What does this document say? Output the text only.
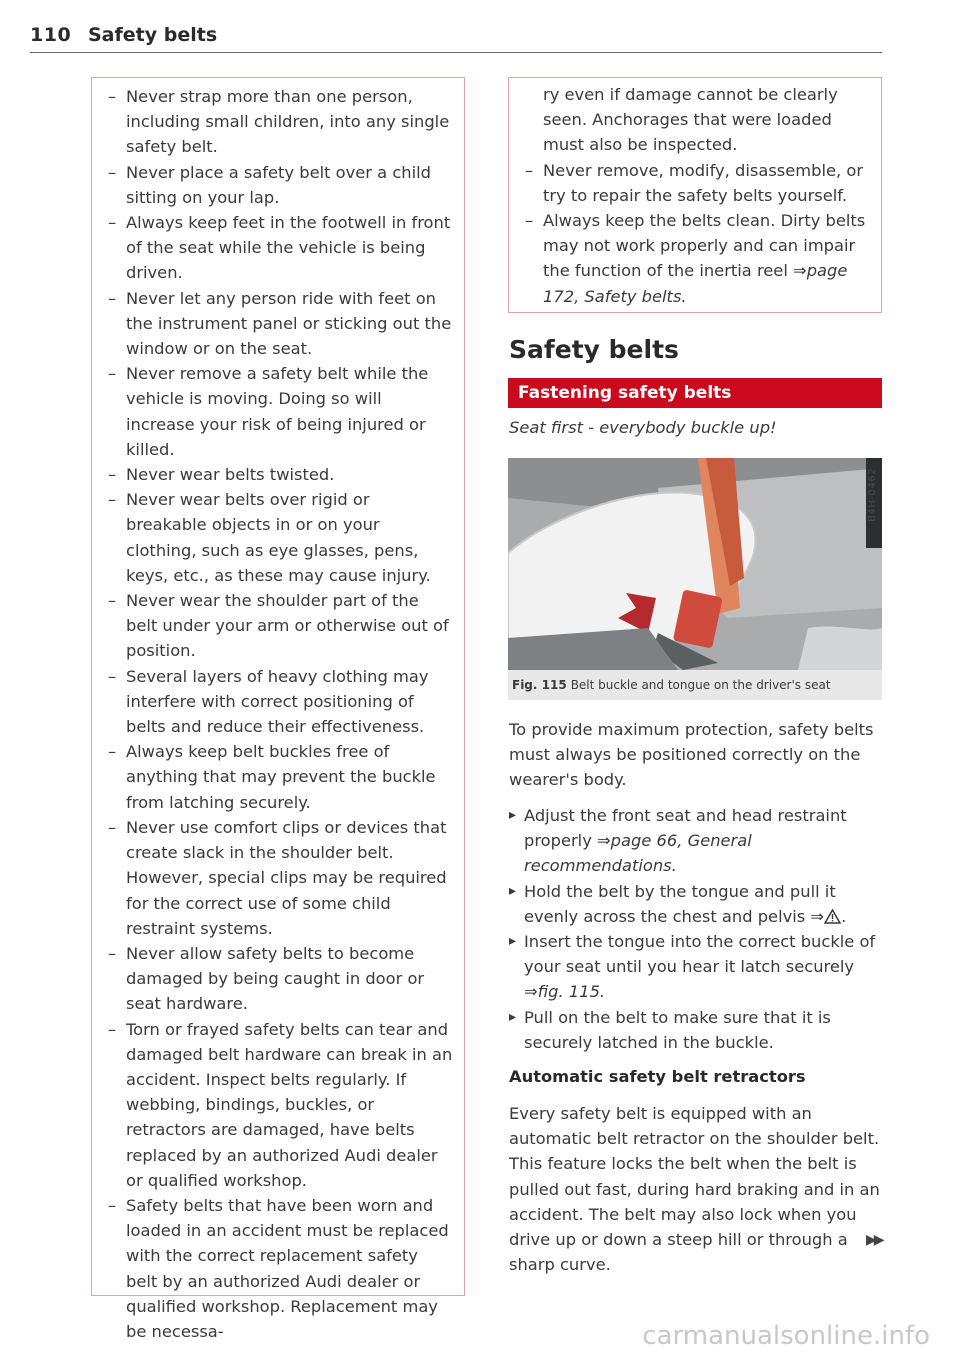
110 Safety belts
– Never strap more than one person, including small children, into any single safety belt.
– Never place a safety belt over a child sitting on your lap.
– Always keep feet in the footwell in front of the seat while the vehicle is being driven.
– Never let any person ride with feet on the instrument panel or sticking out the window or on the seat.
– Never remove a safety belt while the vehicle is moving. Doing so will increase your risk of being injured or killed.
– Never wear belts twisted.
– Never wear belts over rigid or breakable objects in or on your clothing, such as eye glasses, pens, keys, etc., as these may cause injury.
– Never wear the shoulder part of the belt under your arm or otherwise out of position.
– Several layers of heavy clothing may interfere with correct positioning of belts and reduce their effectiveness.
– Always keep belt buckles free of anything that may prevent the buckle from latching securely.
– Never use comfort clips or devices that create slack in the shoulder belt. However, special clips may be required for the correct use of some child restraint systems.
– Never allow safety belts to become damaged by being caught in door or seat hardware.
– Torn or frayed safety belts can tear and damaged belt hardware can break in an accident. Inspect belts regularly. If webbing, bindings, buckles, or retractors are damaged, have belts replaced by an authorized Audi dealer or qualified workshop.
– Safety belts that have been worn and loaded in an accident must be replaced with the correct replacement safety belt by an authorized Audi dealer or qualified workshop. Replacement may be necessa-
ry even if damage cannot be clearly seen. Anchorages that were loaded must also be inspected.
– Never remove, modify, disassemble, or try to repair the safety belts yourself.
– Always keep the belts clean. Dirty belts may not work properly and can impair the function of the inertia reel ⇒page 172, Safety belts.
Safety belts
Fastening safety belts
Seat first - everybody buckle up!
B4H-0462
Fig. 115 Belt buckle and tongue on the driver's seat
To provide maximum protection, safety belts must always be positioned correctly on the wearer's body.
▸ Adjust the front seat and head restraint properly ⇒page 66, General recommendations.
▸ Hold the belt by the tongue and pull it evenly across the chest and pelvis ⇒ .
▸ Insert the tongue into the correct buckle of your seat until you hear it latch securely ⇒fig. 115.
▸ Pull on the belt to make sure that it is securely latched in the buckle.
Automatic safety belt retractors
Every safety belt is equipped with an automatic belt retractor on the shoulder belt. This feature locks the belt when the belt is pulled out fast, during hard braking and in an accident. The belt may also lock when you drive up or down a steep hill or through a sharp curve.
▶▶
carmanualsonline.info
